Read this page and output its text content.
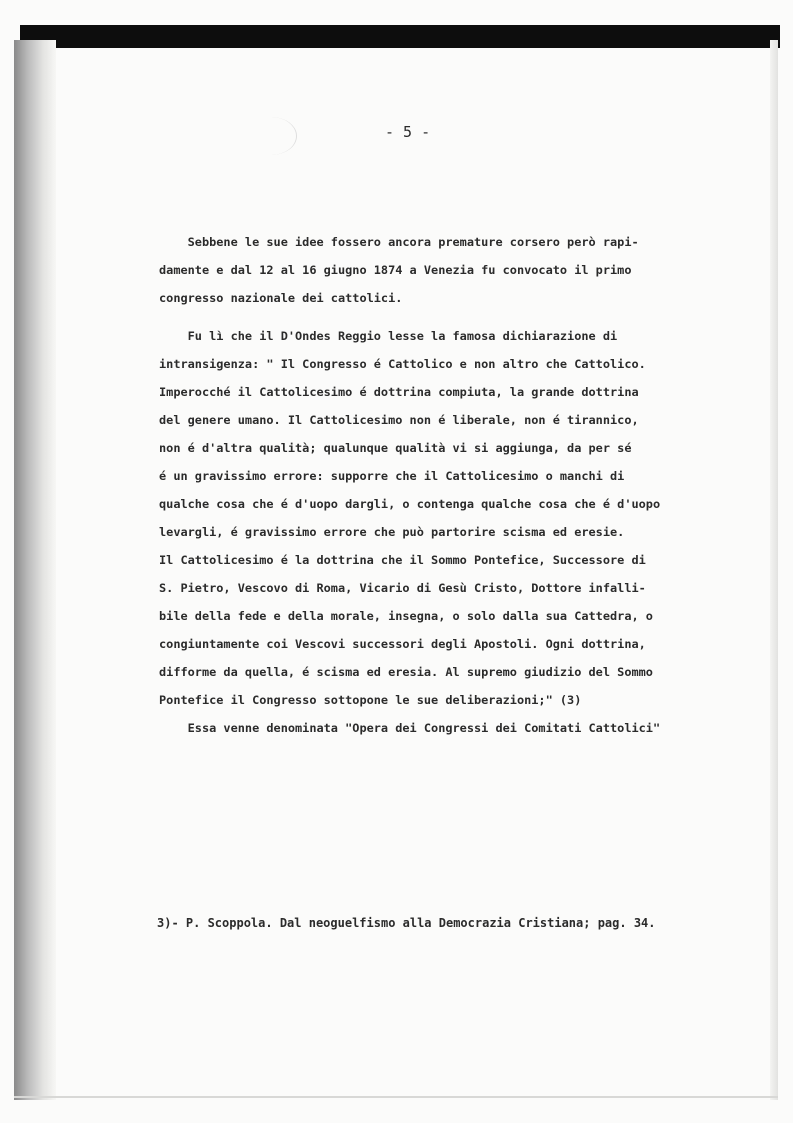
- 5 -

Sebbene le sue idee fossero ancora premature corsero però rapi-

damente e dal 12 al 16 giugno 1874 a Venezia fu convocato il primo

congresso nazionale dei cattolici.

Fu lì che il D'Ondes Reggio lesse la famosa dichiarazione di

intransigenza: " Il Congresso é Cattolico e non altro che Cattolico.

Imperocché il Cattolicesimo é dottrina compiuta, la grande dottrina

del genere umano. Il Cattolicesimo non é liberale, non é tirannico,

non é d'altra qualità; qualunque qualità vi si aggiunga, da per sé

é un gravissimo errore: supporre che il Cattolicesimo o manchi di

qualche cosa che é d'uopo dargli, o contenga qualche cosa che é d'uopo

levargli, é gravissimo errore che può partorire scisma ed eresie.

Il Cattolicesimo é la dottrina che il Sommo Pontefice, Successore di

S. Pietro, Vescovo di Roma, Vicario di Gesù Cristo, Dottore infalli-

bile della fede e della morale, insegna, o solo dalla sua Cattedra, o

congiuntamente coi Vescovi successori degli Apostoli. Ogni dottrina,

difforme da quella, é scisma ed eresia. Al supremo giudizio del Sommo

Pontefice il Congresso sottopone le sue deliberazioni;" (3)

Essa venne denominata "Opera dei Congressi dei Comitati Cattolici"

3)- P. Scoppola. Dal neoguelfismo alla Democrazia Cristiana; pag. 34.
